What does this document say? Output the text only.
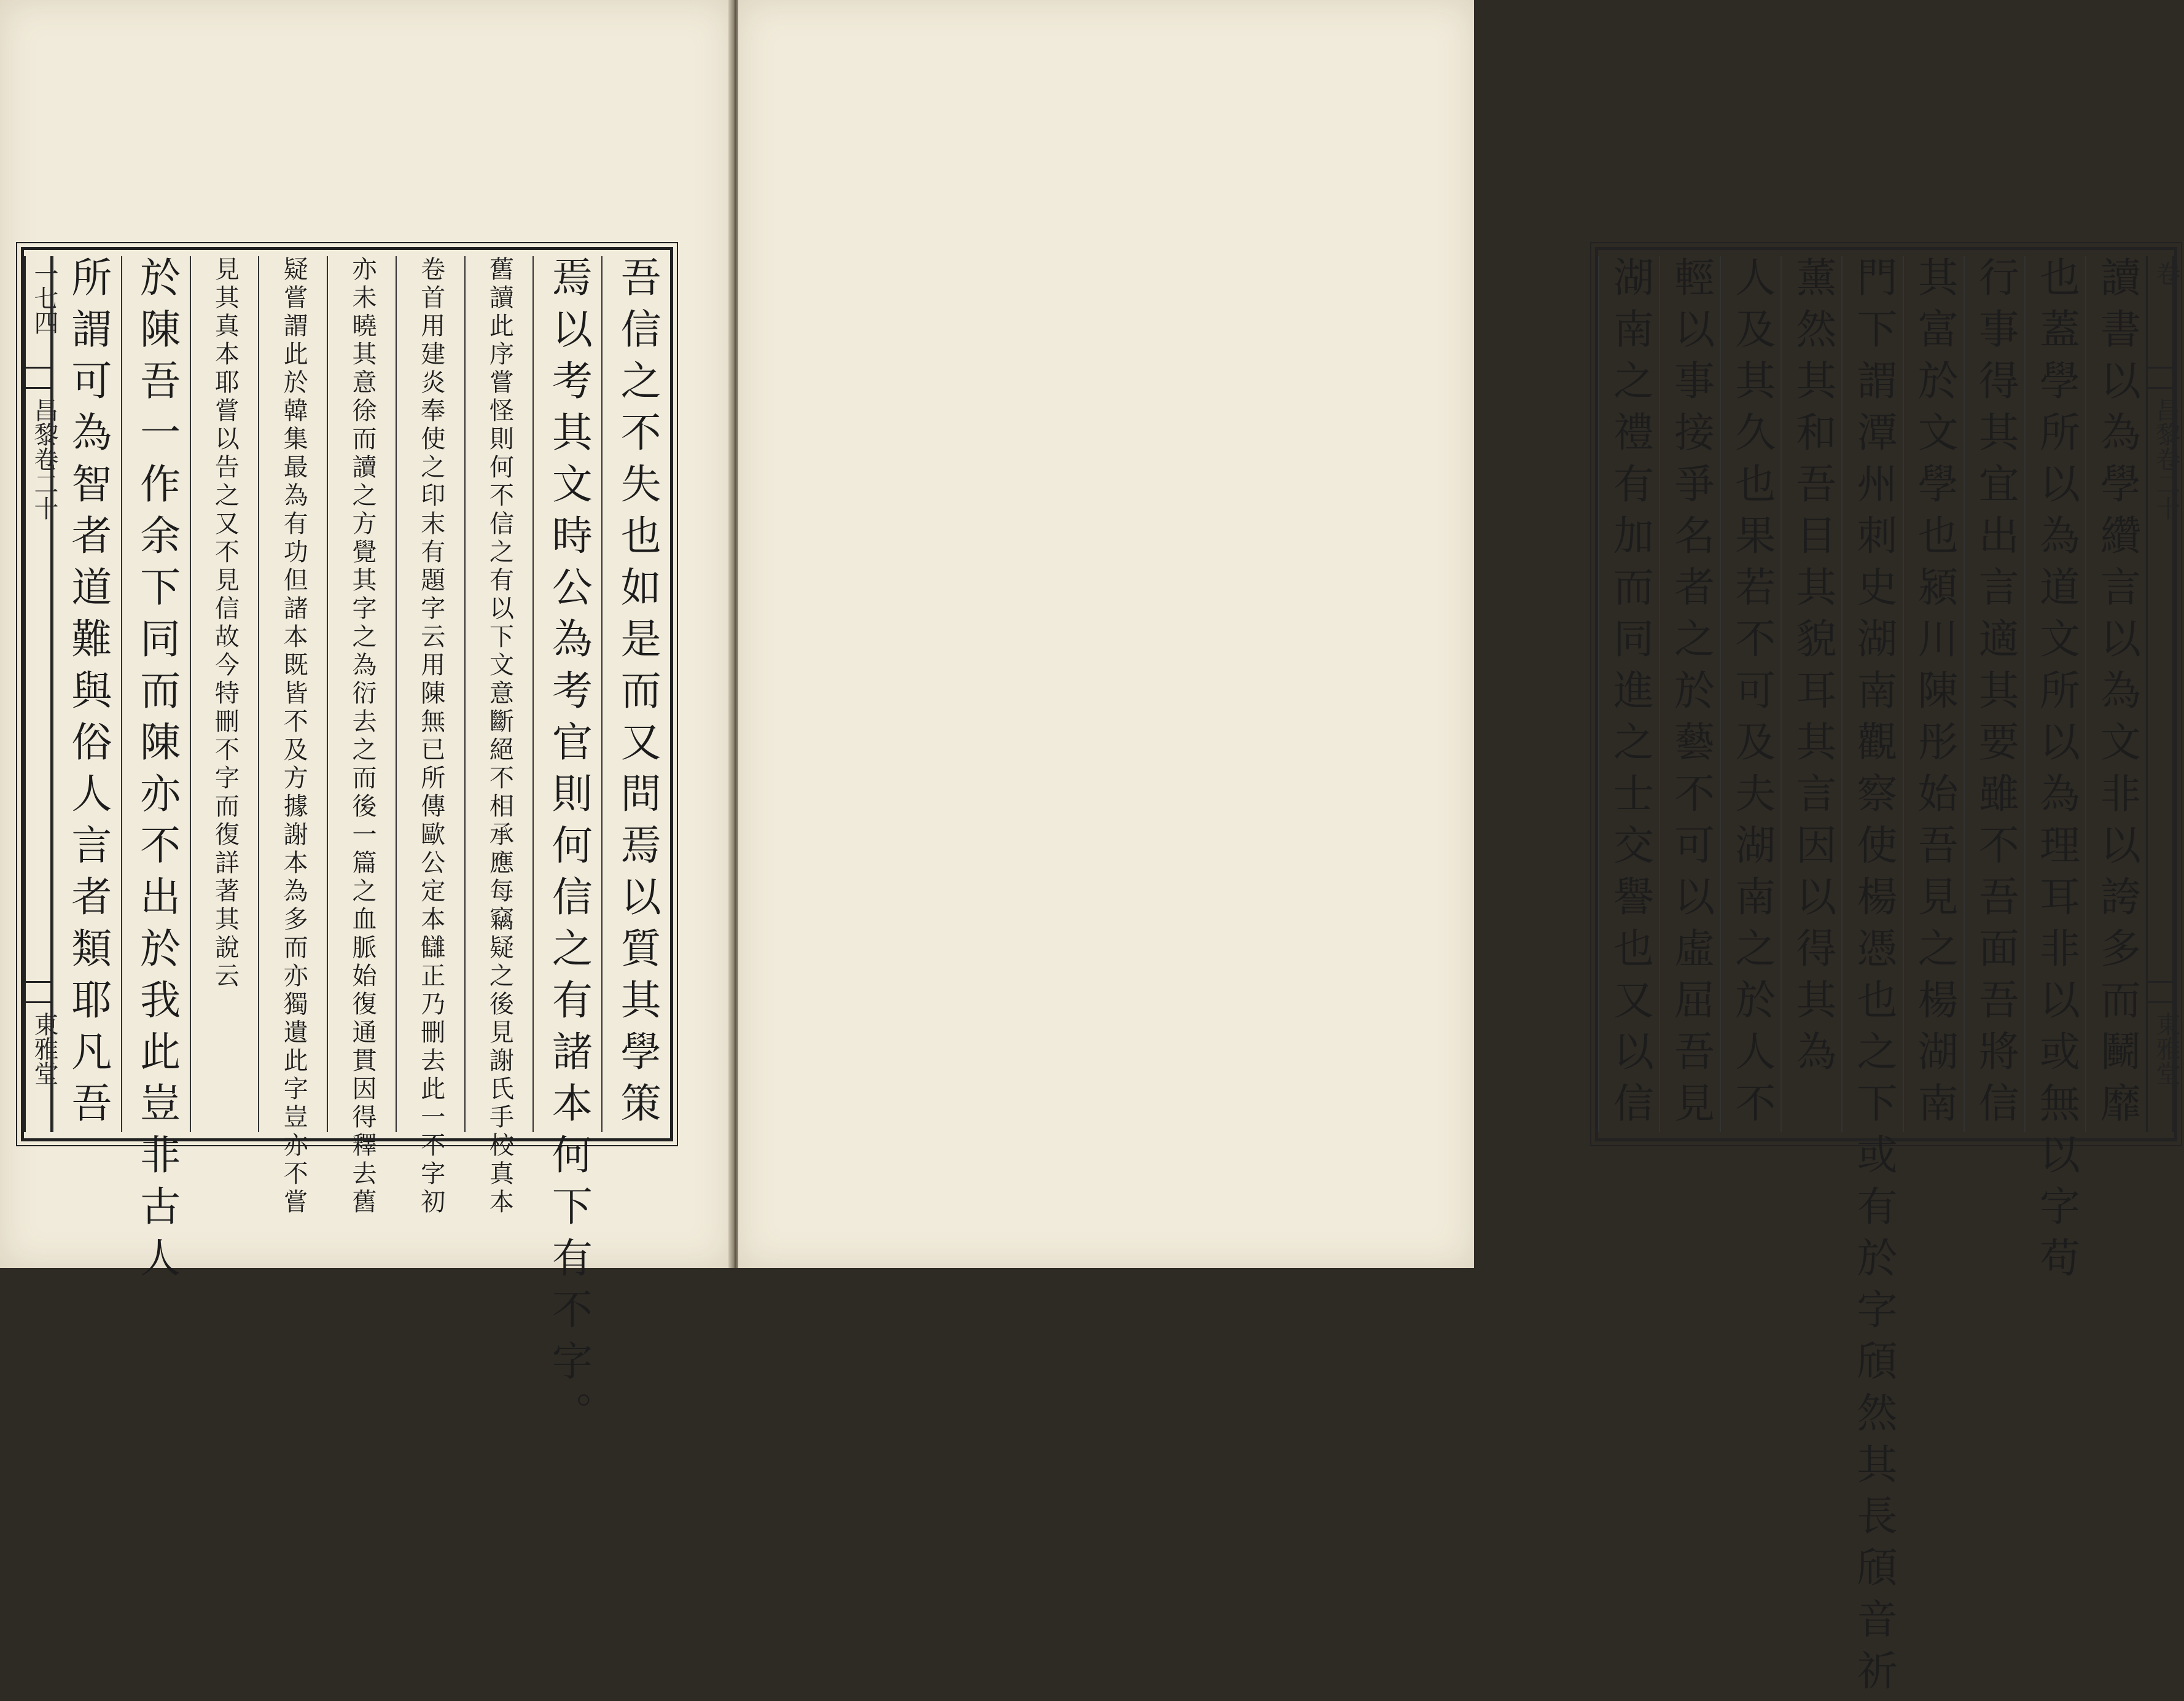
一七四
昌黎卷二十
東雅堂	吾信之不失也如是而又問焉以質其學策
焉以考其文時公為考官則何信之有諸本何下有不字。
舊讀此序嘗怪則何不信之有以下文意斷絕不相承應每竊疑之後見謝氏手校真本
卷首用建炎奉使之印末有題字云用陳無已所傳歐公定本讎正乃刪去此一不字初
亦未曉其意徐而讀之方覺其字之為衍去之而後一篇之血脈始復通貫因得釋去舊
疑嘗謂此於韓集最為有功但諸本既皆不及方據謝本為多而亦獨遺此字豈亦不嘗
見其真本耶嘗以告之又不見信故今特刪不字而復詳著其說云
於陳吾一作余下同而陳亦不出於我此豈非古人
所謂可為智者道難與俗人言者類耶凡吾	卷
昌黎卷二十
東雅堂
讀書以為學纘言以為文非以誇多而鬭靡
也蓋學所以為道文所以為理耳非以或無以字苟
行事得其宜出言適其要雖不吾面吾將信
其富於文學也潁川陳彤始吾見之楊湖南
門下謂潭州刺史湖南觀察使楊憑也之下或有於字頎然其長頎音祈
薰然其和吾目其貌耳其言因以得其為
人及其久也果若不可及夫湖南之於人不
輕以事接爭名者之於藝不可以虛屈吾見
湖南之禮有加而同進之士交譽也又以信
